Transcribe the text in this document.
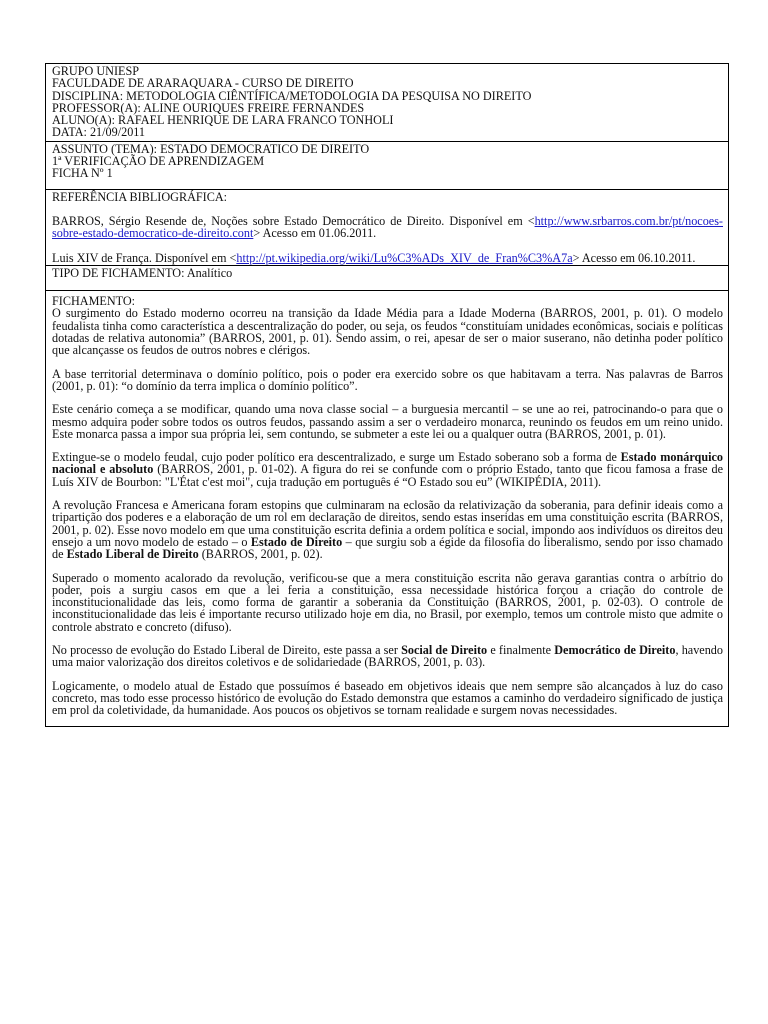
GRUPO UNIESP
FACULDADE DE ARARAQUARA - CURSO DE DIREITO
DISCIPLINA: METODOLOGIA CIÊNTÍFICA/METODOLOGIA DA PESQUISA NO DIREITO
PROFESSOR(A): ALINE OURIQUES FREIRE FERNANDES
ALUNO(A): RAFAEL HENRIQUE DE LARA FRANCO TONHOLI
DATA: 21/09/2011
ASSUNTO (TEMA): ESTADO DEMOCRATICO DE DIREITO
1ª VERIFICAÇÃO DE APRENDIZAGEM
FICHA Nº 1
REFERÊNCIA BIBLIOGRÁFICA:

BARROS, Sérgio Resende de, Noções sobre Estado Democrático de Direito. Disponível em <http://www.srbarros.com.br/pt/nocoes-sobre-estado-democratico-de-direito.cont> Acesso em 01.06.2011.

Luis XIV de França. Disponível em <http://pt.wikipedia.org/wiki/Lu%C3%ADs_XIV_de_Fran%C3%A7a> Acesso em 06.10.2011.

TIPO DE FICHAMENTO: Analítico
FICHAMENTO:

O surgimento do Estado moderno ocorreu na transição da Idade Média para a Idade Moderna (BARROS, 2001, p. 01). O modelo feudalista tinha como característica a descentralização do poder, ou seja, os feudos “constituíam unidades econômicas, sociais e políticas dotadas de relativa autonomia” (BARROS, 2001, p. 01). Sendo assim, o rei, apesar de ser o maior suserano, não detinha poder político que alcançasse os feudos de outros nobres e clérigos.

A base territorial determinava o domínio político, pois o poder era exercido sobre os que habitavam a terra. Nas palavras de Barros (2001, p. 01): “o domínio da terra implica o domínio político”.

Este cenário começa a se modificar, quando uma nova classe social – a burguesia mercantil – se une ao rei, patrocinando-o para que o mesmo adquira poder sobre todos os outros feudos, passando assim a ser o verdadeiro monarca, reunindo os feudos em um reino unido. Este monarca passa a impor sua própria lei, sem contundo, se submeter a este lei ou a qualquer outra (BARROS, 2001, p. 01).

Extingue-se o modelo feudal, cujo poder político era descentralizado, e surge um Estado soberano sob a forma de Estado monárquico nacional e absoluto (BARROS, 2001, p. 01-02). A figura do rei se confunde com o próprio Estado, tanto que ficou famosa a frase de Luís XIV de Bourbon: "L'État c'est moi", cuja tradução em português é “O Estado sou eu” (WIKIPÉDIA, 2011).

A revolução Francesa e Americana foram estopins que culminaram na eclosão da relativização da soberania, para definir ideais como a tripartição dos poderes e a elaboração de um rol em declaração de direitos, sendo estas inseridas em uma constituição escrita (BARROS, 2001, p. 02). Esse novo modelo em que uma constituição escrita definia a ordem política e social, impondo aos indivíduos os direitos deu ensejo a um novo modelo de estado – o Estado de Direito – que surgiu sob a égide da filosofia do liberalismo, sendo por isso chamado de Estado Liberal de Direito (BARROS, 2001, p. 02).

Superado o momento acalorado da revolução, verificou-se que a mera constituição escrita não gerava garantias contra o arbítrio do poder, pois a surgiu casos em que a lei feria a constituição, essa necessidade histórica forçou a criação do controle de inconstitucionalidade das leis, como forma de garantir a soberania da Constituição (BARROS, 2001, p. 02-03). O controle de inconstitucionalidade das leis é importante recurso utilizado hoje em dia, no Brasil, por exemplo, temos um controle misto que admite o controle abstrato e concreto (difuso).

No processo de evolução do Estado Liberal de Direito, este passa a ser Social de Direito e finalmente Democrático de Direito, havendo uma maior valorização dos direitos coletivos e de solidariedade (BARROS, 2001, p. 03).

Logicamente, o modelo atual de Estado que possuímos é baseado em objetivos ideais que nem sempre são alcançados à luz do caso concreto, mas todo esse processo histórico de evolução do Estado demonstra que estamos a caminho do verdadeiro significado de justiça em prol da coletividade, da humanidade. Aos poucos os objetivos se tornam realidade e surgem novas necessidades.
